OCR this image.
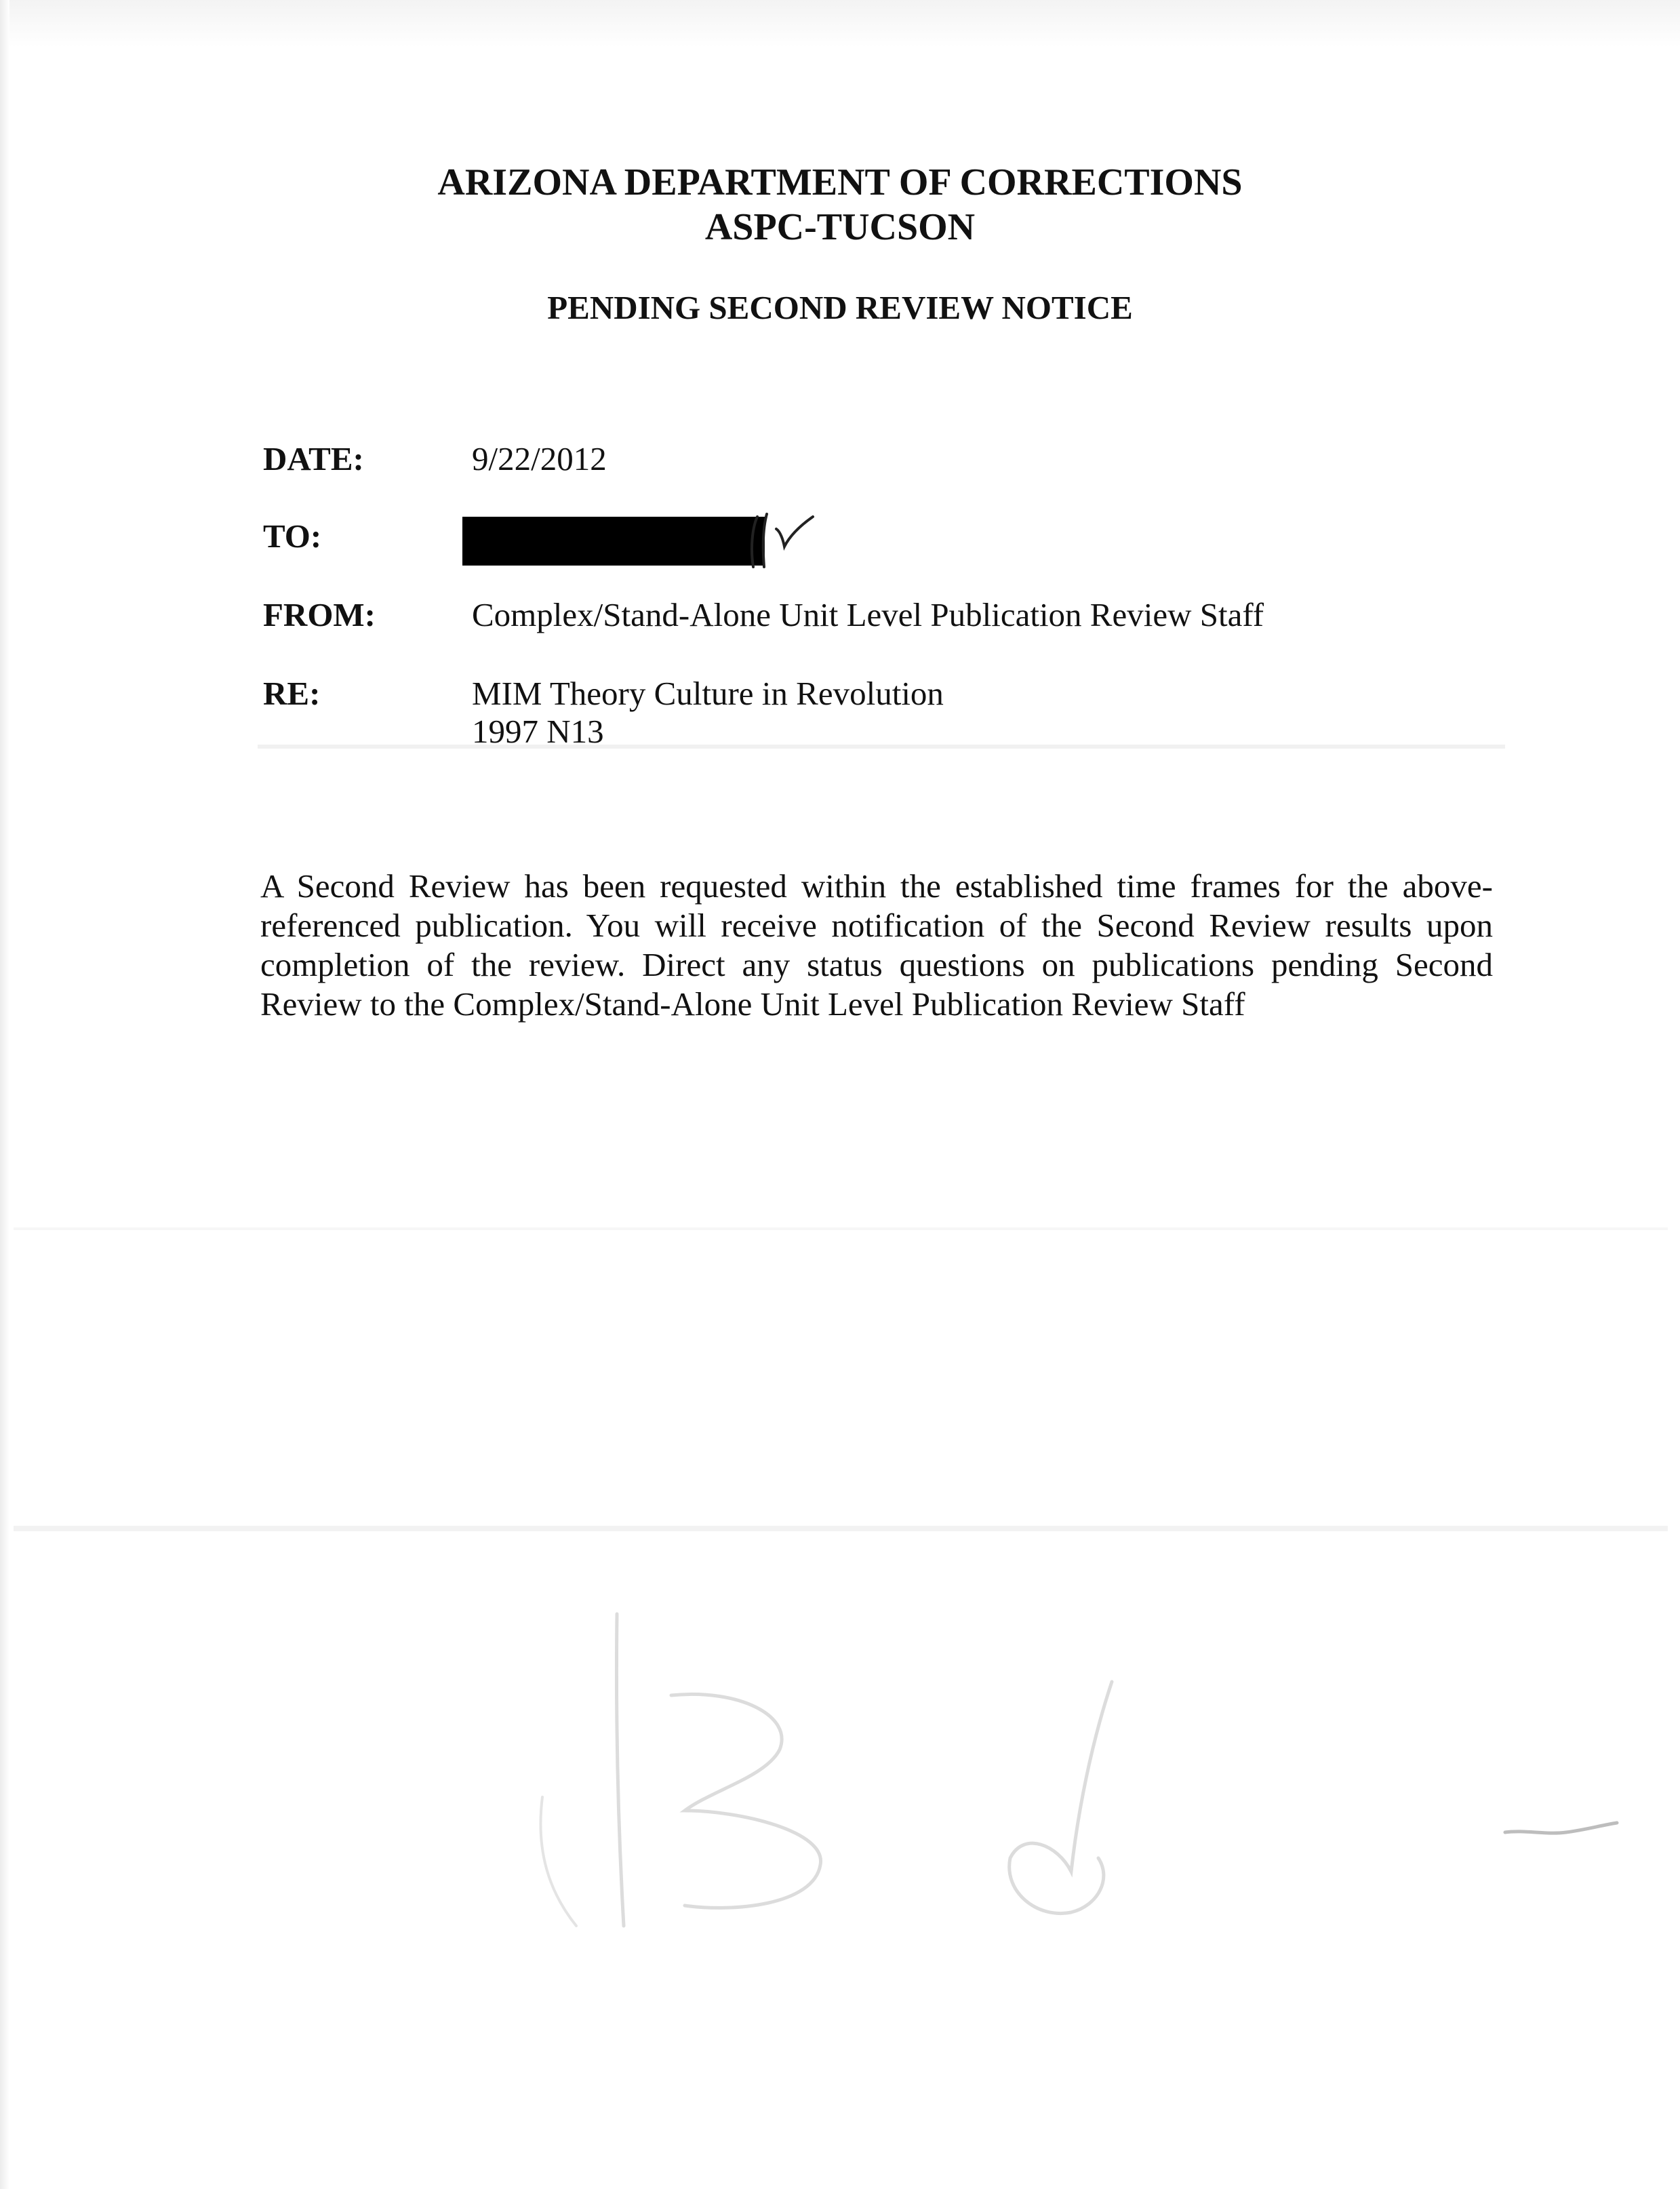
ARIZONA DEPARTMENT OF CORRECTIONS
ASPC-TUCSON
PENDING SECOND REVIEW NOTICE
DATE:	9/22/2012
TO:
FROM:	Complex/Stand-Alone Unit Level Publication Review Staff
RE:	MIM Theory Culture in Revolution
1997 N13
A Second Review has been requested within the established time frames for the above-referenced publication. You will receive notification of the Second Review results upon completion of the review. Direct any status questions on publications pending Second Review to the Complex/Stand-Alone Unit Level Publication Review Staff
